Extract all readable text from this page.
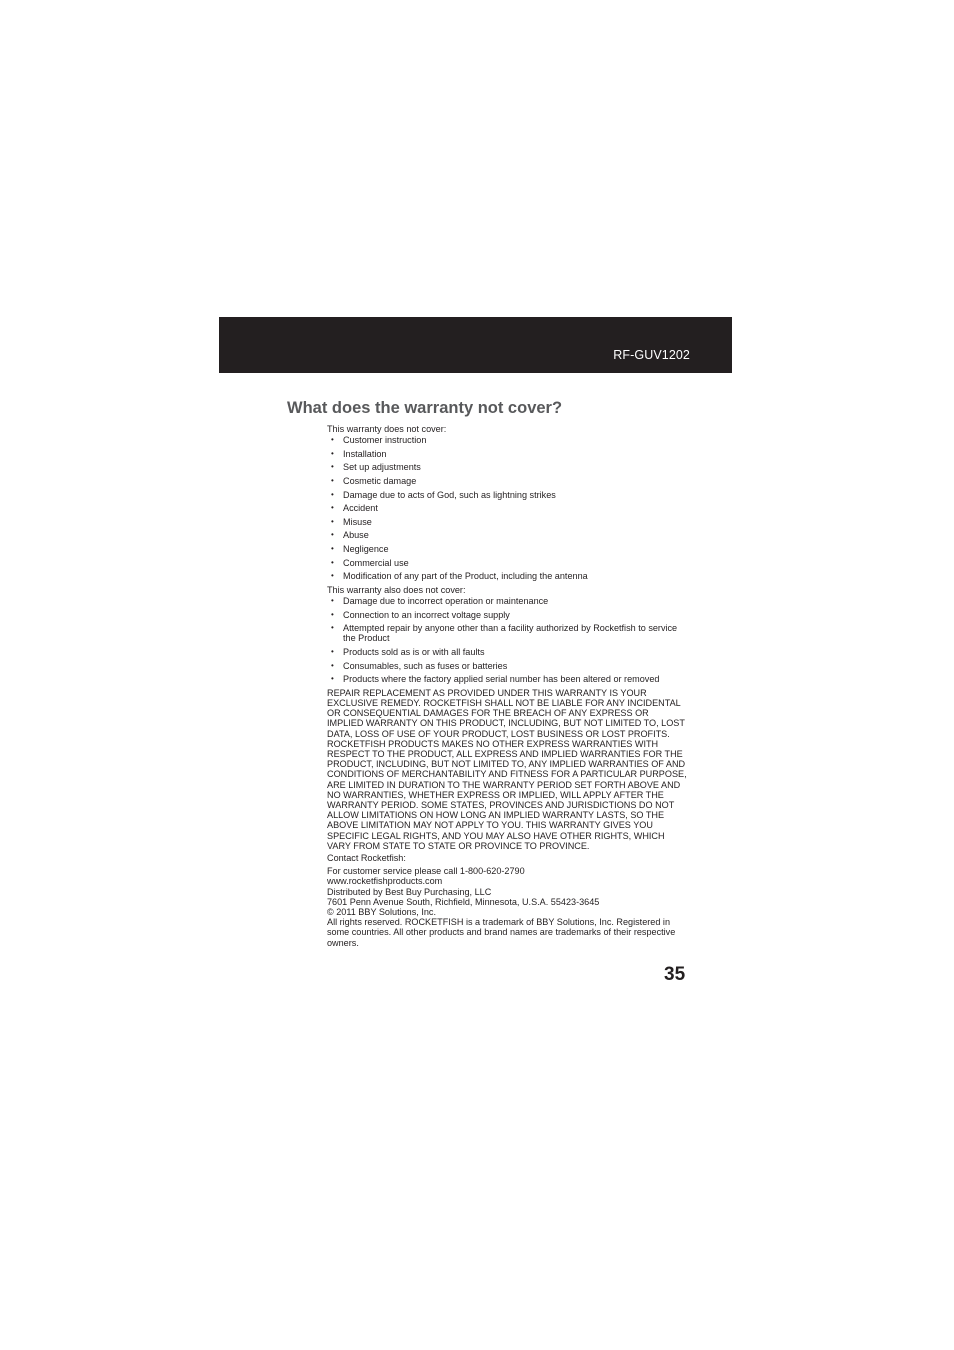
RF-GUV1202
What does the warranty not cover?

This warranty does not cover:

• Customer instruction
• Installation
• Set up adjustments
• Cosmetic damage
• Damage due to acts of God, such as lightning strikes
• Accident
• Misuse
• Abuse
• Negligence
• Commercial use
• Modification of any part of the Product, including the antenna

This warranty also does not cover:

• Damage due to incorrect operation or maintenance
• Connection to an incorrect voltage supply
• Attempted repair by anyone other than a facility authorized by Rocketfish to service the Product
• Products sold as is or with all faults
• Consumables, such as fuses or batteries
• Products where the factory applied serial number has been altered or removed

REPAIR REPLACEMENT AS PROVIDED UNDER THIS WARRANTY IS YOUR EXCLUSIVE REMEDY. ROCKETFISH SHALL NOT BE LIABLE FOR ANY INCIDENTAL OR CONSEQUENTIAL DAMAGES FOR THE BREACH OF ANY EXPRESS OR IMPLIED WARRANTY ON THIS PRODUCT, INCLUDING, BUT NOT LIMITED TO, LOST DATA, LOSS OF USE OF YOUR PRODUCT, LOST BUSINESS OR LOST PROFITS. ROCKETFISH PRODUCTS MAKES NO OTHER EXPRESS WARRANTIES WITH RESPECT TO THE PRODUCT, ALL EXPRESS AND IMPLIED WARRANTIES FOR THE PRODUCT, INCLUDING, BUT NOT LIMITED TO, ANY IMPLIED WARRANTIES OF AND CONDITIONS OF MERCHANTABILITY AND FITNESS FOR A PARTICULAR PURPOSE, ARE LIMITED IN DURATION TO THE WARRANTY PERIOD SET FORTH ABOVE AND NO WARRANTIES, WHETHER EXPRESS OR IMPLIED, WILL APPLY AFTER THE WARRANTY PERIOD. SOME STATES, PROVINCES AND JURISDICTIONS DO NOT ALLOW LIMITATIONS ON HOW LONG AN IMPLIED WARRANTY LASTS, SO THE ABOVE LIMITATION MAY NOT APPLY TO YOU. THIS WARRANTY GIVES YOU SPECIFIC LEGAL RIGHTS, AND YOU MAY ALSO HAVE OTHER RIGHTS, WHICH VARY FROM STATE TO STATE OR PROVINCE TO PROVINCE.

Contact Rocketfish:

For customer service please call 1-800-620-2790

www.rocketfishproducts.com

Distributed by Best Buy Purchasing, LLC

7601 Penn Avenue South, Richfield, Minnesota, U.S.A. 55423-3645

© 2011 BBY Solutions, Inc.

All rights reserved. ROCKETFISH is a trademark of BBY Solutions, Inc. Registered in some countries. All other products and brand names are trademarks of their respective owners.

35
